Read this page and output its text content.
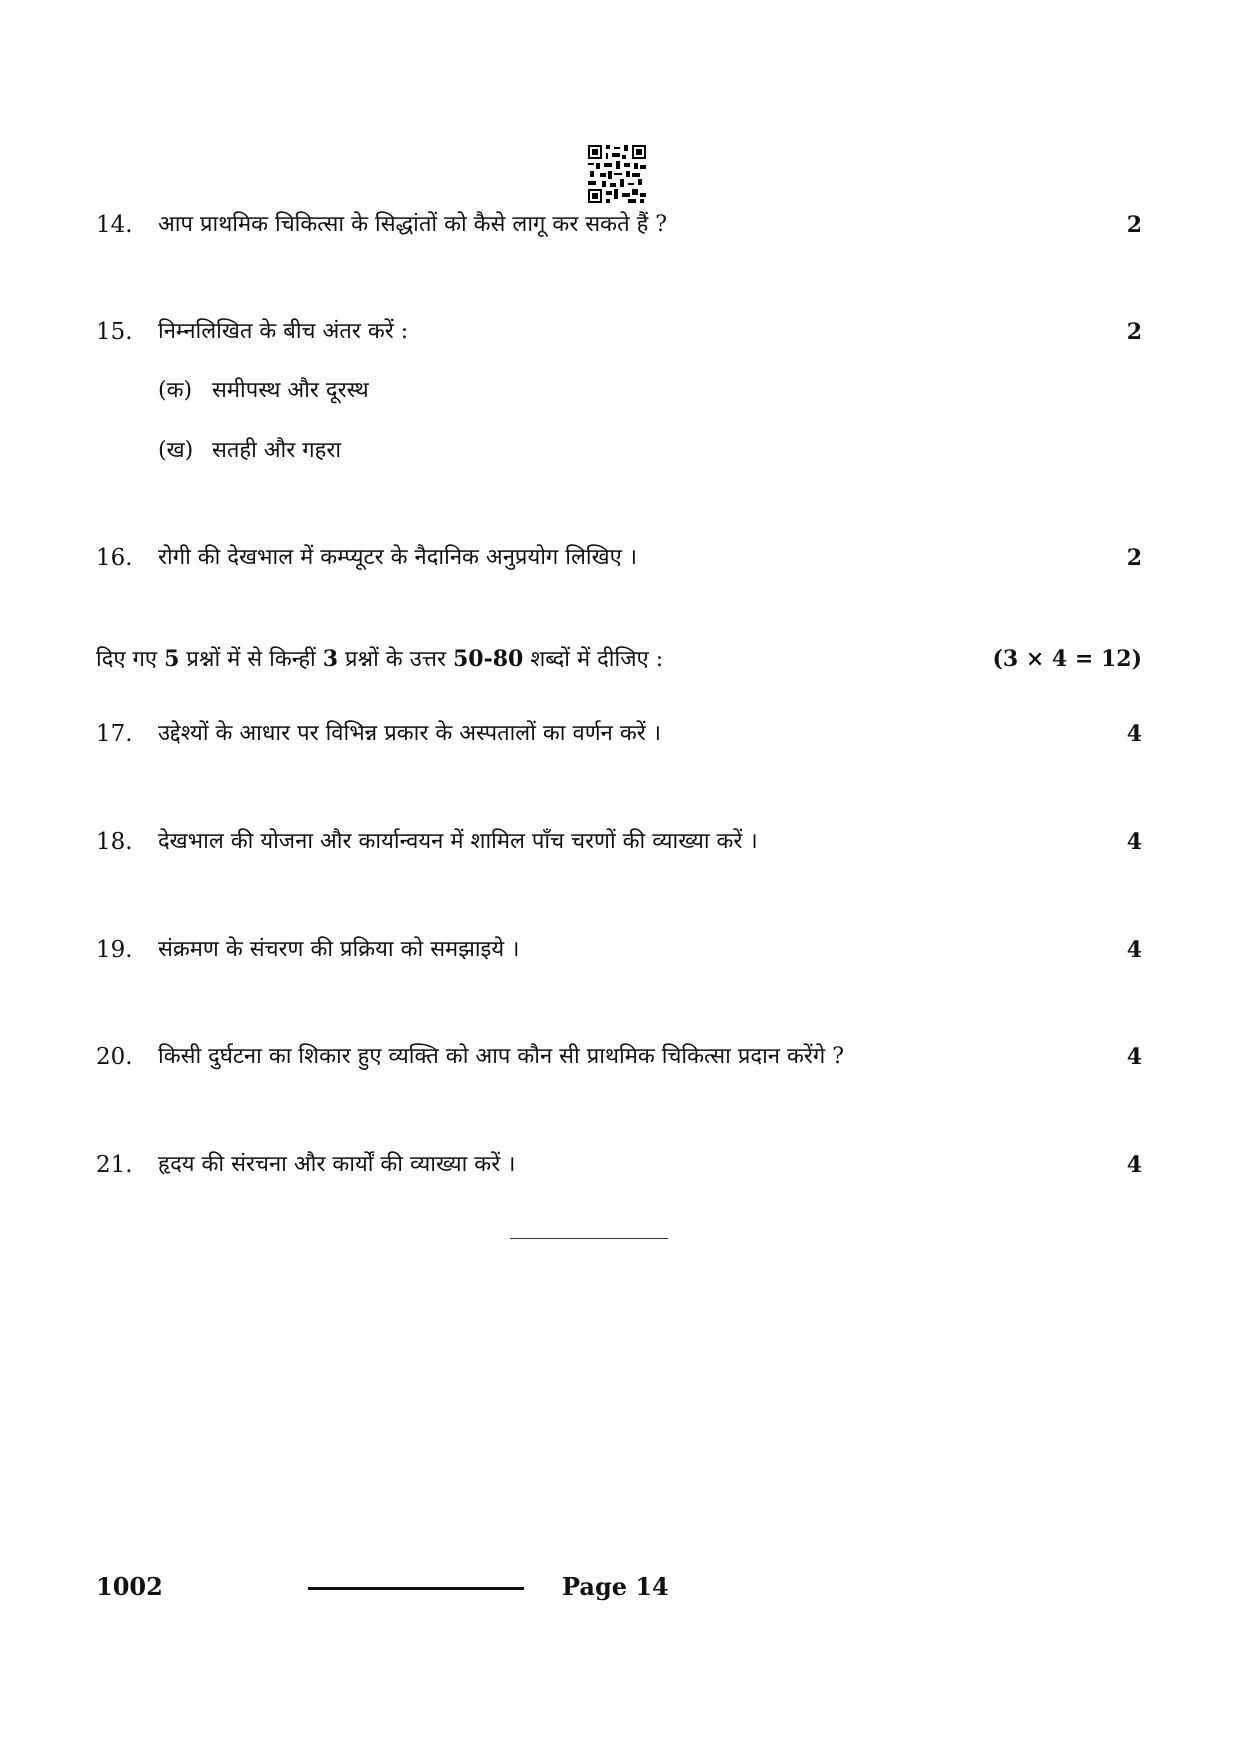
14. आप प्राथमिक चिकित्सा के सिद्धांतों को कैसे लागू कर सकते हैं ?	2
15. निम्नलिखित के बीच अंतर करें :	2
(क) समीपस्थ और दूरस्थ
(ख) सतही और गहरा
16. रोगी की देखभाल में कम्प्यूटर के नैदानिक अनुप्रयोग लिखिए ।	2
दिए गए 5 प्रश्नों में से किन्हीं 3 प्रश्नों के उत्तर 50-80 शब्दों में दीजिए :	(3 × 4 = 12)
17. उद्देश्यों के आधार पर विभिन्न प्रकार के अस्पतालों का वर्णन करें ।	4
18. देखभाल की योजना और कार्यान्वयन में शामिल पाँच चरणों की व्याख्या करें ।	4
19. संक्रमण के संचरण की प्रक्रिया को समझाइये ।	4
20. किसी दुर्घटना का शिकार हुए व्यक्ति को आप कौन सी प्राथमिक चिकित्सा प्रदान करेंगे ?	4
21. हृदय की संरचना और कार्यों की व्याख्या करें ।	4
1002	Page 14
